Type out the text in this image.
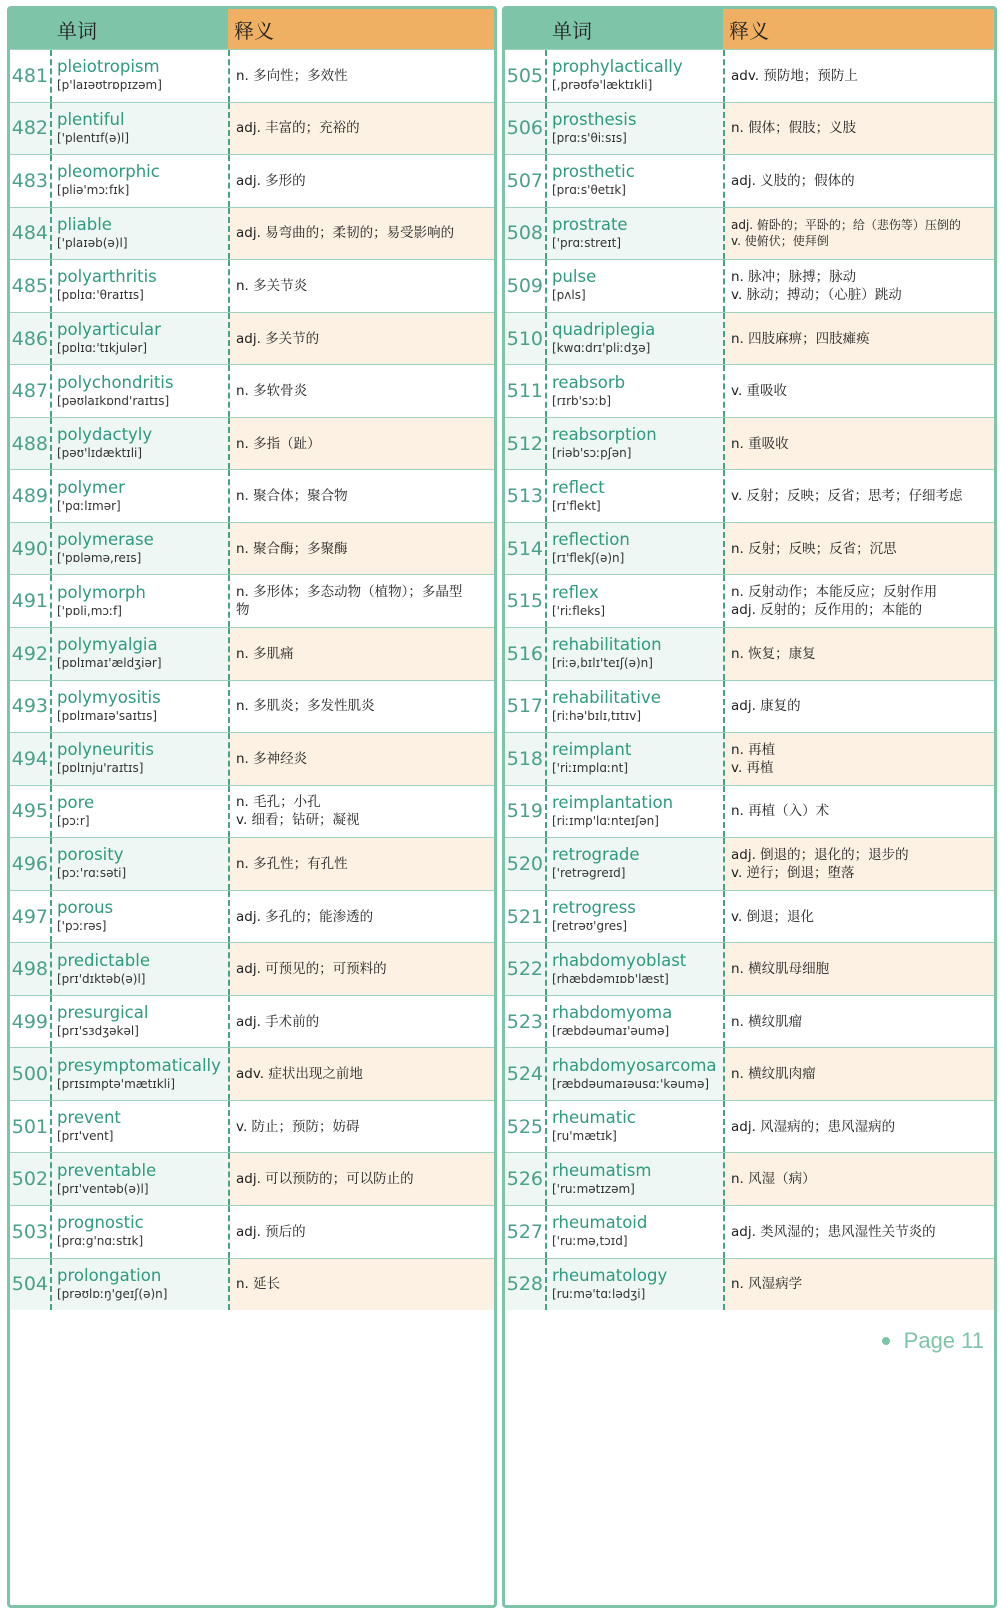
单词	释义
481 pleiotropism
[p'laɪəʊtrɒpɪzəm]
n. 多向性；多效性
482 plentiful
['plentɪf(ə)l]
adj. 丰富的；充裕的
483 pleomorphic
[pliə'mɔːfɪk]
adj. 多形的
484 pliable
['plaɪəb(ə)l]
adj. 易弯曲的；柔韧的；易受影响的
485 polyarthritis
[pɒlɪɑː'θraɪtɪs]
n. 多关节炎
486 polyarticular
[pɒlɪɑː'tɪkjulər]
adj. 多关节的
487 polychondritis
[pəʊlaɪkɒnd'raɪtɪs]
n. 多软骨炎
488 polydactyly
[pəʊ'lɪdæktɪli]
n. 多指（趾）
489 polymer
['pɑːlɪmər]
n. 聚合体；聚合物
490 polymerase
['pɒləmə,reɪs]
n. 聚合酶；多聚酶
491 polymorph
['pɒli,mɔːf]
n. 多形体；多态动物（植物）；多晶型
物
492 polymyalgia
[pɒlɪmaɪ'ældʒiər]
n. 多肌痛
493 polymyositis
[pɒlɪmaɪə'saɪtɪs]
n. 多肌炎；多发性肌炎
494 polyneuritis
[pɒlɪnju'raɪtɪs]
n. 多神经炎
495 pore
[pɔːr]
n. 毛孔；小孔
v. 细看；钻研；凝视
496 porosity
[pɔː'rɑːsəti]
n. 多孔性；有孔性
497 porous
['pɔːrəs]
adj. 多孔的；能渗透的
498 predictable
[prɪ'dɪktəb(ə)l]
adj. 可预见的；可预料的
499 presurgical
[prɪ'sɜdʒəkəl]
adj. 手术前的
500 presymptomatically
[prɪsɪmptə'mætɪkli]
adv. 症状出现之前地
501 prevent
[prɪ'vent]
v. 防止；预防；妨碍
502 preventable
[prɪ'ventəb(ə)l]
adj. 可以预防的；可以防止的
503 prognostic
[prɑːg'nɑːstɪk]
adj. 预后的
504 prolongation
[prəʊlɒːŋ'geɪʃ(ə)n]
n. 延长
单词	释义
505 prophylactically
[,prəʊfə'læktɪkli]
adv. 预防地；预防上
506 prosthesis
[prɑːs'θiːsɪs]
n. 假体；假肢；义肢
507 prosthetic
[prɑːs'θetɪk]
adj. 义肢的；假体的
508 prostrate
['prɑːstreɪt]
adj. 俯卧的；平卧的；给（悲伤等）压倒的
v. 使俯伏；使拜倒
509 pulse
[pʌls]
n. 脉冲；脉搏；脉动
v. 脉动；搏动；（心脏）跳动
510 quadriplegia
[kwɑːdrɪ'pliːdʒə]
n. 四肢麻痹；四肢瘫痪
511 reabsorb
[rɪrb'sɔːb]
v. 重吸收
512 reabsorption
[riəb'sɔːpʃən]
n. 重吸收
513 reflect
[rɪ'flekt]
v. 反射；反映；反省；思考；仔细考虑
514 reflection
[rɪ'flekʃ(ə)n]
n. 反射；反映；反省；沉思
515 reflex
['riːfleks]
n. 反射动作；本能反应；反射作用
adj. 反射的；反作用的；本能的
516 rehabilitation
[riːə,bɪlɪ'teɪʃ(ə)n]
n. 恢复；康复
517 rehabilitative
[riːhə'bɪlɪ,tɪtɪv]
adj. 康复的
518 reimplant
['riːɪmplɑːnt]
n. 再植
v. 再植
519 reimplantation
[riːɪmp'lɑːnteɪʃən]
n. 再植（入）术
520 retrograde
['retrəgreɪd]
adj. 倒退的；退化的；退步的
v. 逆行；倒退；堕落
521 retrogress
[retrəʊ'gres]
v. 倒退；退化
522 rhabdomyoblast
[rhæbdəmɪɒb'læst]
n. 横纹肌母细胞
523 rhabdomyoma
[ræbdəumaɪ'əumə]
n. 横纹肌瘤
524 rhabdomyosarcoma
[ræbdəumaɪəusɑː'kəumə]
n. 横纹肌肉瘤
525 rheumatic
[ru'mætɪk]
adj. 风湿病的；患风湿病的
526 rheumatism
['ruːmətɪzəm]
n. 风湿（病）
527 rheumatoid
['ruːmə,tɔɪd]
adj. 类风湿的；患风湿性关节炎的
528 rheumatology
[ruːmə'tɑːlədʒi]
n. 风湿病学
Page 11
